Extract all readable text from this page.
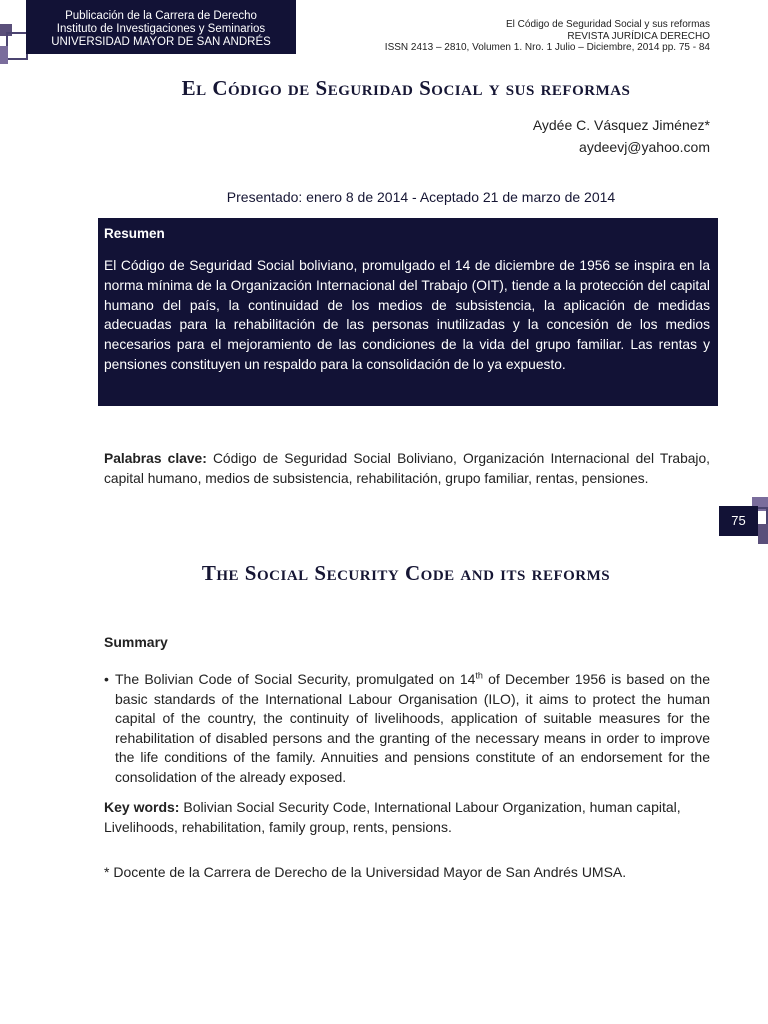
Publicación de la Carrera de Derecho
Instituto de Investigaciones y Seminarios
UNIVERSIDAD MAYOR DE SAN ANDRÉS
El Código de Seguridad Social y sus reformas
REVISTA JURÍDICA DERECHO
ISSN 2413 – 2810, Volumen 1. Nro. 1 Julio – Diciembre, 2014 pp. 75 - 84
El Código de Seguridad Social y sus reformas
Aydée C. Vásquez Jiménez*
aydeevj@yahoo.com
Presentado: enero 8 de 2014 - Aceptado 21 de marzo de 2014
Resumen

El Código de Seguridad Social boliviano, promulgado el 14 de diciembre de 1956 se inspira en la norma mínima de la Organización Internacional del Trabajo (OIT), tiende a la protección del capital humano del país, la continuidad de los medios de subsistencia, la aplicación de medidas adecuadas para la rehabilitación de las personas inutilizadas y la concesión de los medios necesarios para el mejoramiento de las condiciones de la vida del grupo familiar. Las rentas y pensiones constituyen un respaldo para la consolidación de lo ya expuesto.

Palabras clave: Código de Seguridad Social Boliviano, Organización Internacional del Trabajo, capital humano, medios de subsistencia, rehabilitación, grupo familiar, rentas, pensiones.
75
The Social Security Code and its reforms
Summary
• The Bolivian Code of Social Security, promulgated on 14th of December 1956 is based on the basic standards of the International Labour Organisation (ILO), it aims to protect the human capital of the country, the continuity of livelihoods, application of suitable measures for the rehabilitation of disabled persons and the granting of the necessary means in order to improve the life conditions of the family. Annuities and pensions constitute of an endorsement for the consolidation of the already exposed.

Key words: Bolivian Social Security Code, International Labour Organization, human capital, Livelihoods, rehabilitation, family group, rents, pensions.
* Docente de la Carrera de Derecho de la Universidad Mayor de San Andrés UMSA.
